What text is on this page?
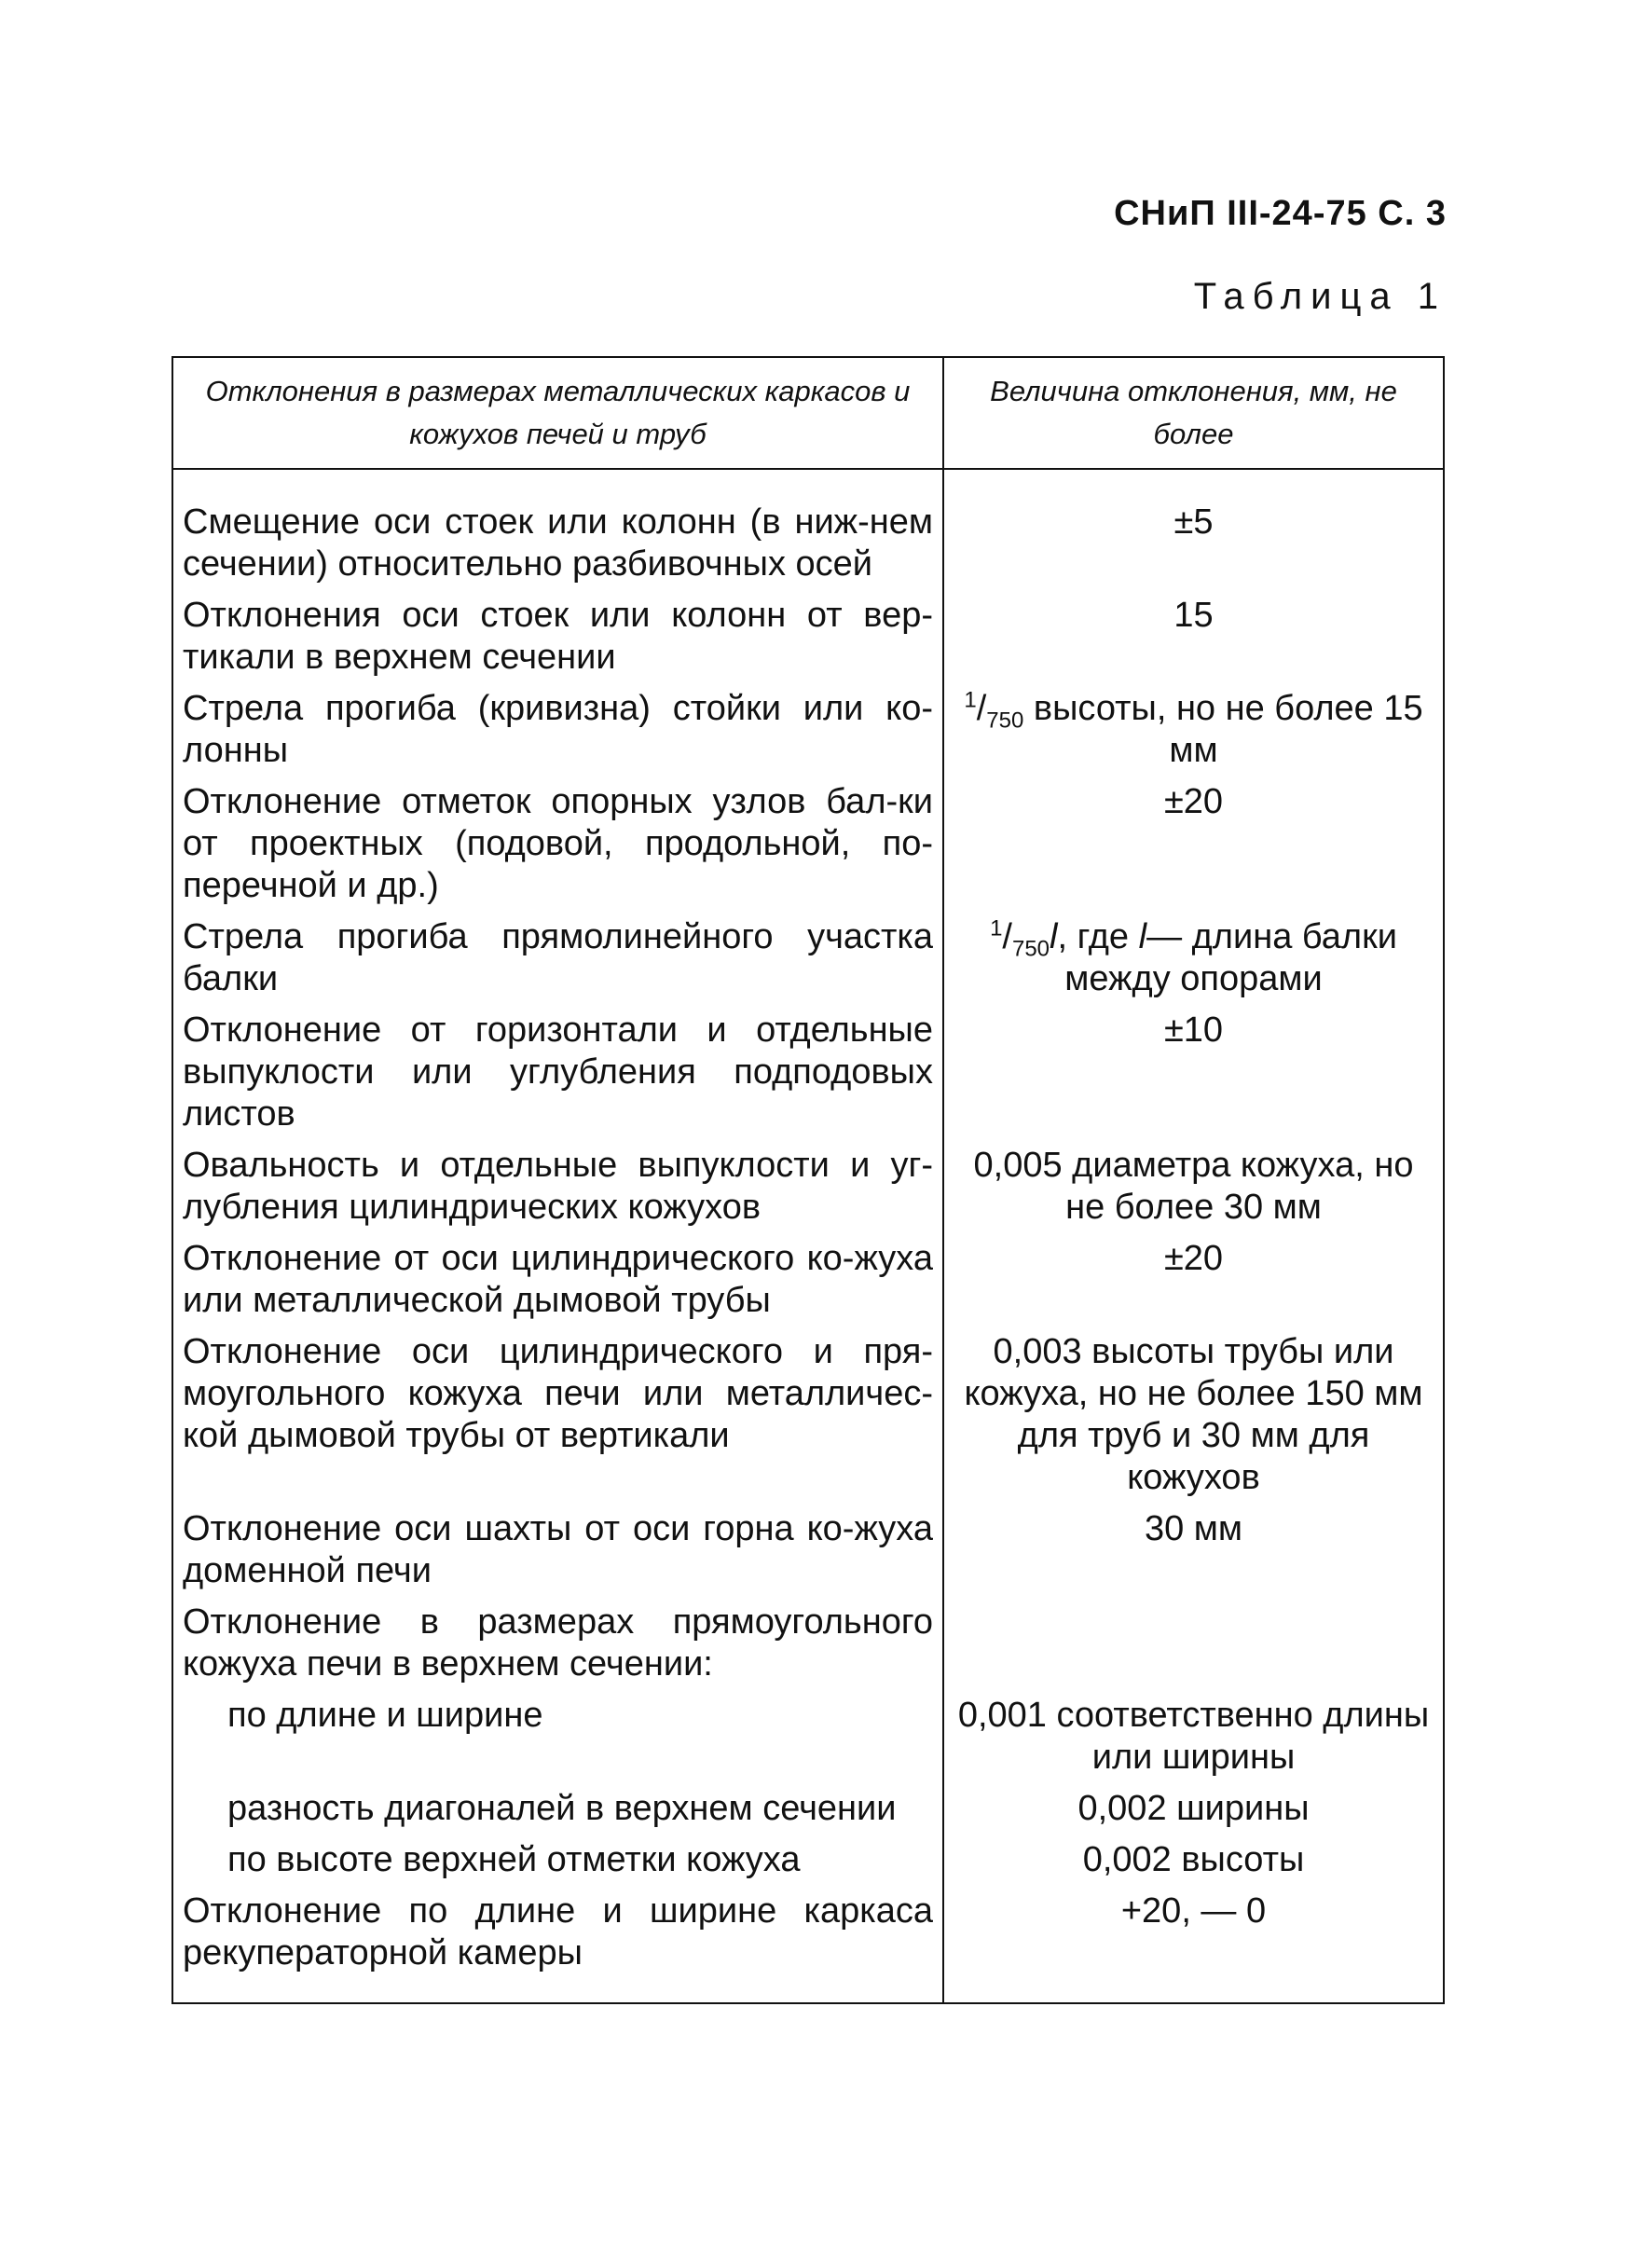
СНиП III-24-75 С. 3
Таблица 1
Отклонения в размерах металлических каркасов и кожухов печей и труб	Величина отклонения, мм, не более
Смещение оси стоек или колонн (в ниж-нем сечении) относительно разбивочных осей	±5
Отклонения оси стоек или колонн от вер-тикали в верхнем сечении	15
Стрела прогиба (кривизна) стойки или ко-лонны	$^1/_{750}$ высоты, но не более 15 мм
Отклонение отметок опорных узлов бал-ки от проектных (подовой, продольной, по-перечной и др.)	±20
Стрела прогиба прямолинейного участка балки	$^1/_{750}l$, где l— длина балки между опорами
Отклонение от горизонтали и отдельные выпуклости или углубления подподовых листов	±10
Овальность и отдельные выпуклости и уг-лубления цилиндрических кожухов	0,005 диаметра кожуха, но не более 30 мм
Отклонение от оси цилиндрического ко-жуха или металлической дымовой трубы	±20
Отклонение оси цилиндрического и пря-моугольного кожуха печи или металличес-кой дымовой трубы от вертикали	0,003 высоты трубы или кожуха, но не более 150 мм для труб и 30 мм для кожухов
Отклонение оси шахты от оси горна ко-жуха доменной печи	30 мм
Отклонение в размерах прямоугольного кожуха печи в верхнем сечении:	
по длине и ширине	0,001 соответственно длины или ширины
разность диагоналей в верхнем сечении	0,002 ширины
по высоте верхней отметки кожуха	0,002 высоты
Отклонение по длине и ширине каркаса рекуператорной камеры	+20, — 0
